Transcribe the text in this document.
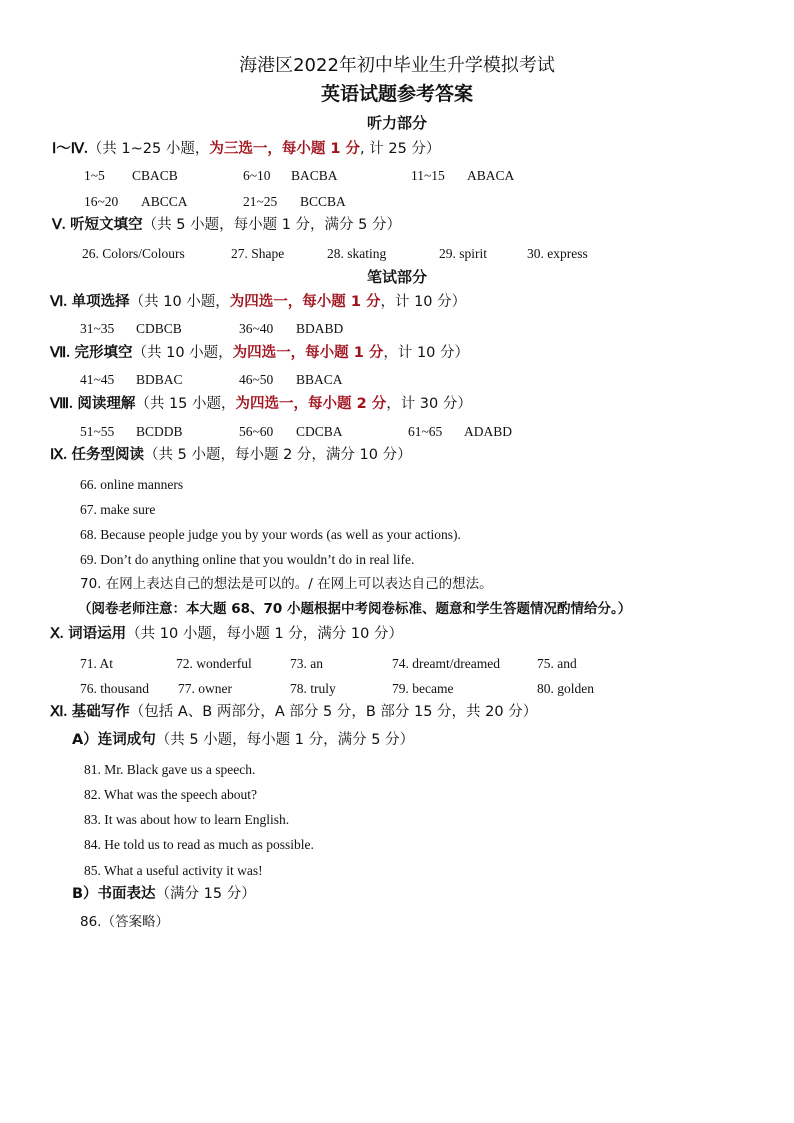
海港区2022年初中毕业生升学模拟考试
英语试题参考答案
听力部分
Ⅰ～Ⅳ.（共 1~25 小题，为三选一，每小题 1 分, 计 25 分）
1~5 CBACB	6~10 BACBA	11~15 ABACA
16~20 ABCCA	21~25 BCCBA
Ⅴ. 听短文填空（共 5 小题，每小题 1 分，满分 5 分）
26. Colors/Colours	27. Shape	28. skating	29. spirit	30. express
笔试部分
Ⅵ. 单项选择（共 10 小题，为四选一，每小题 1 分，计 10 分）
31~35 CDBCB	36~40 BDABD
Ⅶ. 完形填空（共 10 小题，为四选一，每小题 1 分，计 10 分）
41~45 BDBAC	46~50 BBACA
Ⅷ. 阅读理解（共 15 小题，为四选一，每小题 2 分，计 30 分）
51~55 BCDDB	56~60 CDCBA	61~65 ADABD
Ⅸ. 任务型阅读（共 5 小题，每小题 2 分，满分 10 分）
66. online manners
67. make sure
68. Because people judge you by your words (as well as your actions).
69. Don’t do anything online that you wouldn’t do in real life.
70. 在网上表达自己的想法是可以的。/ 在网上可以表达自己的想法。
（阅卷老师注意：本大题 68、70 小题根据中考阅卷标准、题意和学生答题情况酌情给分。）
Ⅹ. 词语运用（共 10 小题，每小题 1 分，满分 10 分）
71. At	72. wonderful	73. an	74. dreamt/dreamed	75. and
76. thousand 77. owner	78. truly	79. became	80. golden
Ⅺ. 基础写作（包括 A、B 两部分，A 部分 5 分，B 部分 15 分，共 20 分）
A）连词成句（共 5 小题，每小题 1 分，满分 5 分）
81. Mr. Black gave us a speech.
82. What was the speech about?
83. It was about how to learn English.
84. He told us to read as much as possible.
85. What a useful activity it was!
B）书面表达（满分 15 分）
86.（答案略）
